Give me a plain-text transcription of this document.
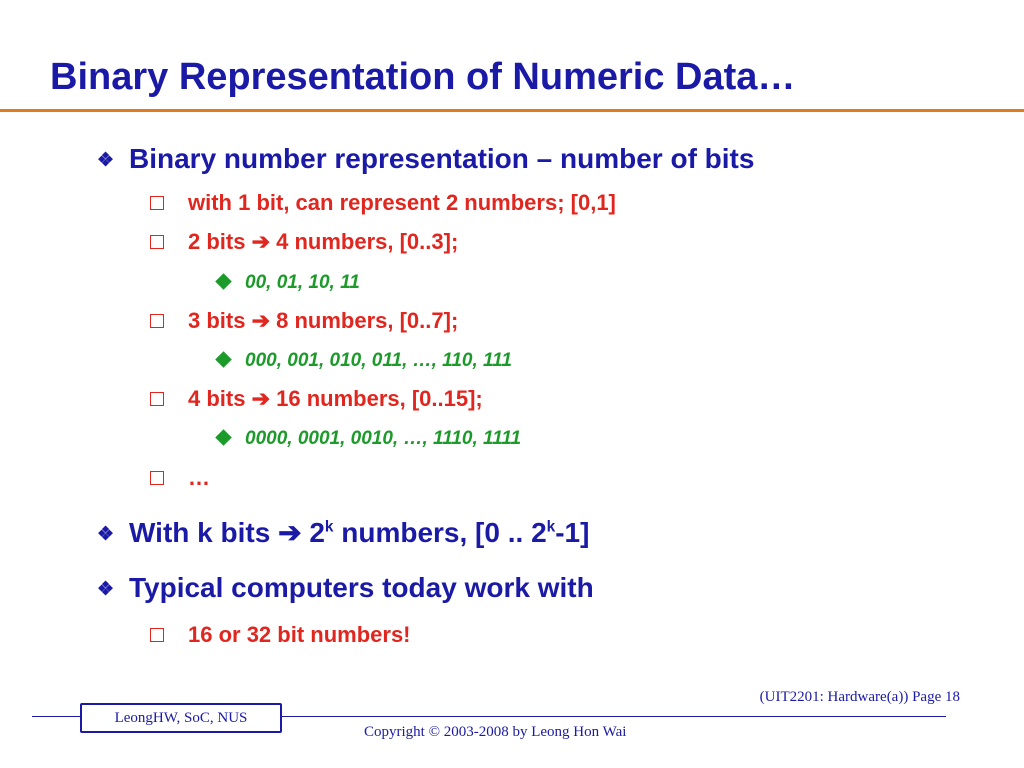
Binary Representation of Numeric Data…
❖ Binary number representation – number of bits
with 1 bit, can represent 2 numbers; [0,1]
2 bits ➔ 4 numbers, [0..3];
00, 01, 10, 11
3 bits ➔ 8 numbers, [0..7];
000, 001, 010, 011, …, 110, 111
4 bits ➔ 16 numbers, [0..15];
0000, 0001, 0010, …, 1110, 1111
…
❖ With k bits ➔ 2$^k$ numbers, [0 .. 2$^k$-1]
❖ Typical computers today work with
16 or 32 bit numbers!
(UIT2201: Hardware(a)) Page 18
LeongHW, SoC, NUS
Copyright © 2003-2008 by Leong Hon Wai
